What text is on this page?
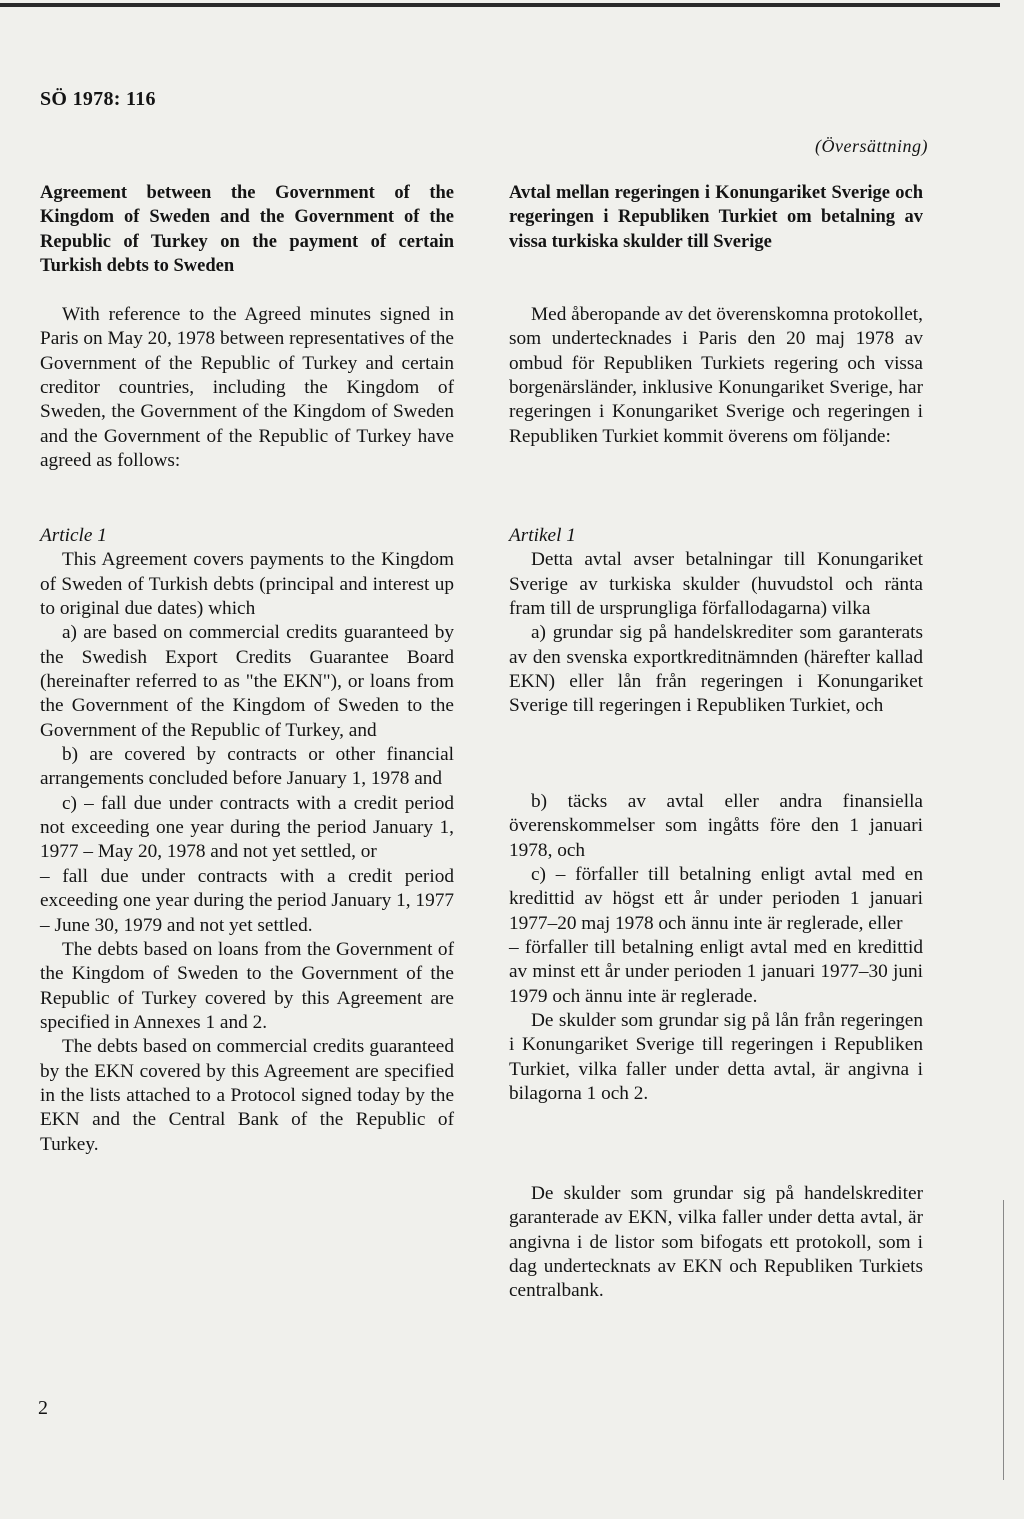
SÖ 1978: 116
(Översättning)
Agreement between the Government of the Kingdom of Sweden and the Government of the Republic of Turkey on the payment of certain Turkish debts to Sweden

With reference to the Agreed minutes signed in Paris on May 20, 1978 between representatives of the Government of the Republic of Turkey and certain creditor countries, including the Kingdom of Sweden, the Government of the Kingdom of Sweden and the Government of the Republic of Turkey have agreed as follows:

Article 1

This Agreement covers payments to the Kingdom of Sweden of Turkish debts (principal and interest up to original due dates) which

a) are based on commercial credits guaranteed by the Swedish Export Credits Guarantee Board (hereinafter referred to as "the EKN"), or loans from the Government of the Kingdom of Sweden to the Government of the Republic of Turkey, and

b) are covered by contracts or other financial arrangements concluded before January 1, 1978 and

c) – fall due under contracts with a credit period not exceeding one year during the period January 1, 1977 – May 20, 1978 and not yet settled, or

– fall due under contracts with a credit period exceeding one year during the period January 1, 1977 – June 30, 1979 and not yet settled.

The debts based on loans from the Government of the Kingdom of Sweden to the Government of the Republic of Turkey covered by this Agreement are specified in Annexes 1 and 2.

The debts based on commercial credits guaranteed by the EKN covered by this Agreement are specified in the lists attached to a Protocol signed today by the EKN and the Central Bank of the Republic of Turkey.

Avtal mellan regeringen i Konungariket Sverige och regeringen i Republiken Turkiet om betalning av vissa turkiska skulder till Sverige

Med åberopande av det överenskomna protokollet, som undertecknades i Paris den 20 maj 1978 av ombud för Republiken Turkiets regering och vissa borgenärsländer, inklusive Konungariket Sverige, har regeringen i Konungariket Sverige och regeringen i Republiken Turkiet kommit överens om följande:

Artikel 1

Detta avtal avser betalningar till Konungariket Sverige av turkiska skulder (huvudstol och ränta fram till de ursprungliga förfallodagarna) vilka

a) grundar sig på handelskrediter som garanterats av den svenska exportkreditnämnden (härefter kallad EKN) eller lån från regeringen i Konungariket Sverige till regeringen i Republiken Turkiet, och

b) täcks av avtal eller andra finansiella överenskommelser som ingåtts före den 1 januari 1978, och

c) – förfaller till betalning enligt avtal med en kredittid av högst ett år under perioden 1 januari 1977–20 maj 1978 och ännu inte är reglerade, eller

– förfaller till betalning enligt avtal med en kredittid av minst ett år under perioden 1 januari 1977–30 juni 1979 och ännu inte är reglerade.

De skulder som grundar sig på lån från regeringen i Konungariket Sverige till regeringen i Republiken Turkiet, vilka faller under detta avtal, är angivna i bilagorna 1 och 2.

De skulder som grundar sig på handelskrediter garanterade av EKN, vilka faller under detta avtal, är angivna i de listor som bifogats ett protokoll, som i dag undertecknats av EKN och Republiken Turkiets centralbank.

2
